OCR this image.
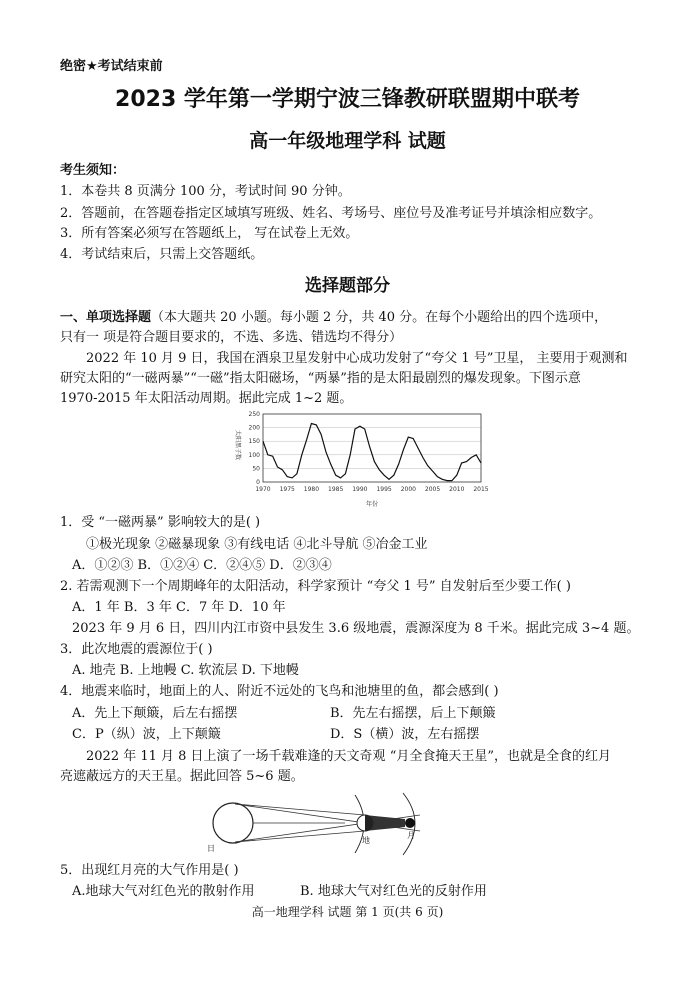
绝密★考试结束前
2023 学年第一学期宁波三锋教研联盟期中联考
高一年级地理学科 试题
考生须知：
1．本卷共 8 页满分 100 分，考试时间 90 分钟。
2．答题前，在答题卷指定区域填写班级、姓名、考场号、座位号及准考证号并填涂相应数字。
3．所有答案必须写在答题纸上， 写在试卷上无效。
4．考试结束后，只需上交答题纸。
选择题部分
一、单项选择题（本大题共 20 小题。每小题 2 分，共 40 分。在每个小题给出的四个选项中，
只有一 项是符合题目要求的，不选、多选、错选均不得分）
2022 年 10 月 9 日，我国在酒泉卫星发射中心成功发射了“夸父 1 号”卫星， 主要用于观测和
研究太阳的“一磁两暴”“一磁”指太阳磁场，“两暴”指的是太阳最剧烈的爆发现象。下图示意
1970-2015 年太阳活动周期。据此完成 1~2 题。
0
50
100
150
200
250
1970 1975 1980 1985 1990 1995 2000 2005 2010 2015
太阳黑子数
年份
1．受 “一磁两暴” 影响较大的是( )
①极光现象 ②磁暴现象 ③有线电话 ④北斗导航 ⑤冶金工业
A．①②③ B．①②④ C．②④⑤ D．②③④
2. 若需观测下一个周期峰年的太阳活动，科学家预计 “夸父 1 号” 自发射后至少要工作( )
A．1 年 B．3 年 C．7 年 D．10 年
2023 年 9 月 6 日，四川内江市资中县发生 3.6 级地震，震源深度为 8 千米。据此完成 3~4 题。
3．此次地震的震源位于( )
A. 地壳 B. 上地幔 C. 软流层 D. 下地幔
4．地震来临时，地面上的人、附近不远处的飞鸟和池塘里的鱼，都会感到( )
A．先上下颠簸，后左右摇摆	B．先左右摇摆，后上下颠簸
C．P（纵）波，上下颠簸	D．S（横）波，左右摇摆
2022 年 11 月 8 日上演了一场千载难逢的天文奇观 “月全食掩天王星”，也就是全食的红月
亮遮蔽远方的天王星。据此回答 5~6 题。
日
地
月
5．出现红月亮的大气作用是( )
A.地球大气对红色光的散射作用	B. 地球大气对红色光的反射作用
高一地理学科 试题 第 1 页(共 6 页)
